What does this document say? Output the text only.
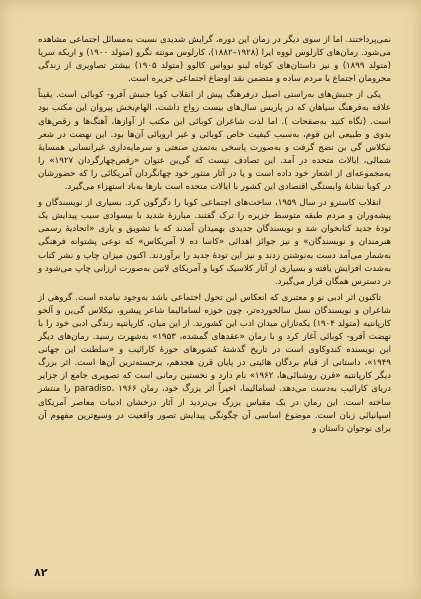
نمی‌پرداختند. اما از سوی دیگر در زمان این دوره، گرایش شدیدی نسبت به‌مسائل اجتماعی مشاهده می‌شود. رمان‌های کارلوس لووه ایرا (۱۹۲۸–۱۸۸۲)، کارلوس مونته نگرو (متولد ۱۹۰۰) و اریکه سرپا (متولد ۱۸۹۹) و نیز داستان‌های کوتاه لینو نوواس کالوو (متولد ۱۹۰۵) بیشتر تصاویری از زندگی محرومان اجتماع یا مردم ساده و متضمن نقد اوضاع اجتماعی جزیره است.

یکی از جنبش‌های به‌راستی اصیل درفرهنگ پیش از انقلاب کوبا جنبش آفرو- کوبائی است. یقیناً علاقه به‌فرهنگ سیاهان که در پاریس سال‌های بیست رواج داشت، الهام‌بخش پیروان این مکتب بود است. (نگاه کنید به‌صفحات ). اما لذت شاعران کوبائی این مکتب از آوازها، آهنگ‌ها و رقص‌های بدوی و طبیعی این قوم، به‌سبب کیفیت خاص کوبائی و غیر اروپائی آن‌ها بود. این نهضت در شعر نیکلاس گی بن نضج گرفت و به‌صورت پاسخی به‌تمدن صنعتی و سرمایه‌داری غیرانسانی همسایهٔ شمالی، ایالات متحده در آمد. این تصادف نیست که گی‌ین عنوان «رقص‌چهارگردان ۱۹۲۷» را به‌مجموعه‌ای از اشعار خود داده است و یا در آثار منثور خود چهانگردان آمریکائی را که حضورشان در کوبا نشانهٔ وابستگی اقتصادی این کشور با ایالات متحده است بارها به‌باد استهزاء می‌گیرد.

انقلاب کاسترو در سال ۱۹۵۹، ساخت‌های اجتماعی کوبا را دگرگون کرد. بسیاری از نویسندگان و پیشه‌وران و مردم طبقه متوسط جزیره را ترک گفتند. مبارزهٔ شدید با بیسوادی سبب پیدایش یک تودهٔ جدید کتابخوان شد و نویسندگان جدیدی بهمیدان آمدند که با تشویق و یاری «اتحادیهٔ رسمی هنرمندان و نویسندگان» و نیز جوائز اهدائی «کاسا ده لا آمریکاس» که نوعی پشتوانه فرهنگی به‌شمار می‌آمد دست به‌نوشتن زدند و نیز این تودهٔ جدید را برآوردند. اکنون میزان چاپ و نشر کتاب به‌شدت افزایش یافته و بسیاری از آثار کلاسیک کوبا و آمریکای لاتین به‌صورت ارزانی چاپ می‌شود و در دسترس همگان قرار می‌گیرد.

تاکنون اثر ادبی نو و معتبری که انعکاس این تحول اجتماعی باشد به‌وجود نیامده است. گروهی از شاعران و نویسندگان نسل سالخورده‌تر، چون خوزه لساماليما شاعر پیشرو، نیکلاس گی‌ین و آلخو کارپانتیه (متولد ۱۹۰۴) یکه‌تازان میدان ادب این کشورند. از این میان، کارپانتیه زندگی ادبی خود را با نهضت آفرو- کوبائی آغاز کرد و با رمان «عقدهای گمشده، ۱۹۵۳» به‌شهرت رسید. رمان‌های دیگر این نویسنده کندوکاوی است در تاریخ گذشتهٔ کشورهای حوزهٔ کارائیب و «سلطنت این جهانی ۱۹۴۹»، داستانی از قیام بردگان هائیتی در پایان قرن هجدهم، برجسته‌ترین آن‌ها است. اثر بزرگ دیگر کارپانتیه «قرن روشنائی‌ها، ۱۹۶۲» نام دارد و نخستین رمانی است که تصویری جامع از جزایر دریای کارائیب به‌دست می‌دهد. لسامالیما، اخیراً اثر بزرگ خود، رمان paradiso، ۱۹۶۶ را منتشر ساخته است. این رمان در یک مقیاس بزرگ بی‌تردید از آثار درخشان ادبیات معاصر آمریکای اسپانیائی زبان است. موضوع اساسی آن چگونگی پیدایش تصور واقعیت در وسیع‌ترین مفهوم آن برای نوجوان داستان و

۸۲
